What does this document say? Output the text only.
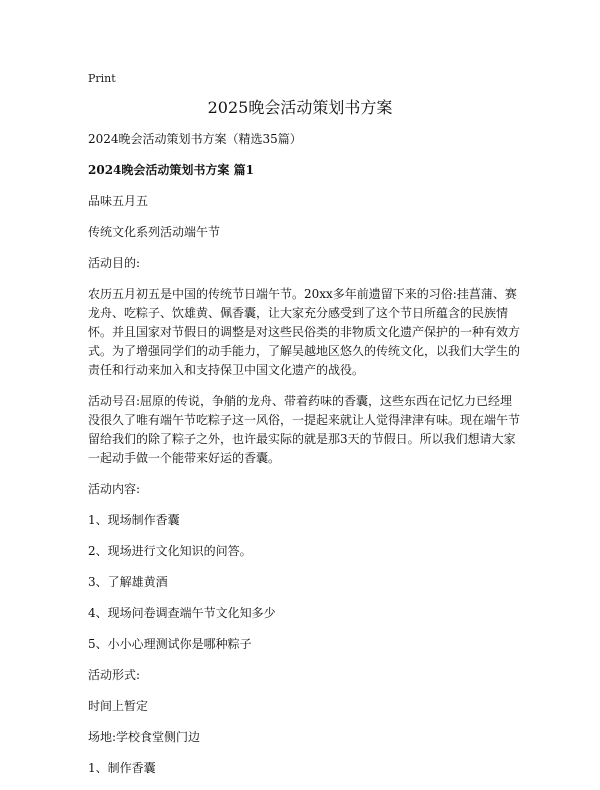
Print
2025晚会活动策划书方案

2024晚会活动策划书方案（精选35篇）

2024晚会活动策划书方案 篇1

品味五月五

传统文化系列活动端午节

活动目的:

农历五月初五是中国的传统节日端午节。20xx多年前遗留下来的习俗:挂菖蒲、赛龙舟、吃粽子、饮雄黄、佩香囊，让大家充分感受到了这个节日所蕴含的民族情怀。并且国家对节假日的调整是对这些民俗类的非物质文化遗产保护的一种有效方式。为了增强同学们的动手能力，了解吴越地区悠久的传统文化，以我们大学生的责任和行动来加入和支持保卫中国文化遗产的战役。

活动号召:屈原的传说，争艄的龙舟、带着药味的香囊，这些东西在记忆力已经埋没很久了唯有端午节吃粽子这一风俗，一提起来就让人觉得津津有味。现在端午节留给我们的除了粽子之外，也许最实际的就是那3天的节假日。所以我们想请大家一起动手做一个能带来好运的香囊。

活动内容:

1、现场制作香囊

2、现场进行文化知识的问答。

3、了解雄黄酒

4、现场问卷调查端午节文化知多少

5、小小心理测试你是哪种粽子

活动形式:

时间上暂定

场地:学校食堂侧门边

1、制作香囊
